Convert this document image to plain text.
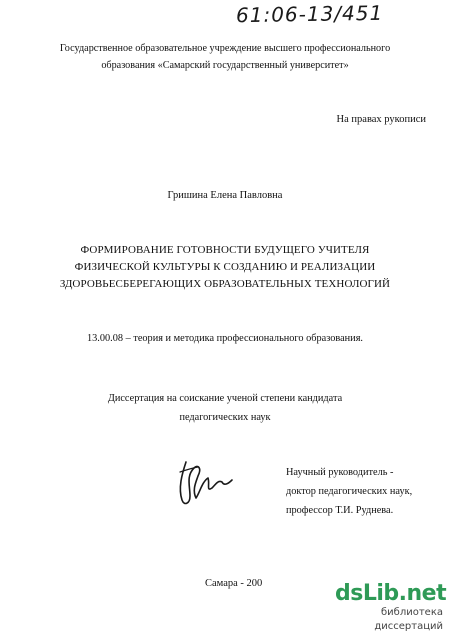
61:06-13/451
Государственное образовательное учреждение высшего профессионального
образования «Самарский государственный университет»
На правах рукописи
Гришина Елена Павловна
ФОРМИРОВАНИЕ ГОТОВНОСТИ БУДУЩЕГО УЧИТЕЛЯ
ФИЗИЧЕСКОЙ КУЛЬТУРЫ К СОЗДАНИЮ И РЕАЛИЗАЦИИ
ЗДОРОВЬЕСБЕРЕГАЮЩИХ ОБРАЗОВАТЕЛЬНЫХ ТЕХНОЛОГИЙ
13.00.08 – теория и методика профессионального образования.
Диссертация на соискание ученой степени кандидата
педагогических наук
Научный руководитель -
доктор педагогических наук,
профессор Т.И. Руднева.
Самара - 200	dsLib.net
библиотека диссертаций
